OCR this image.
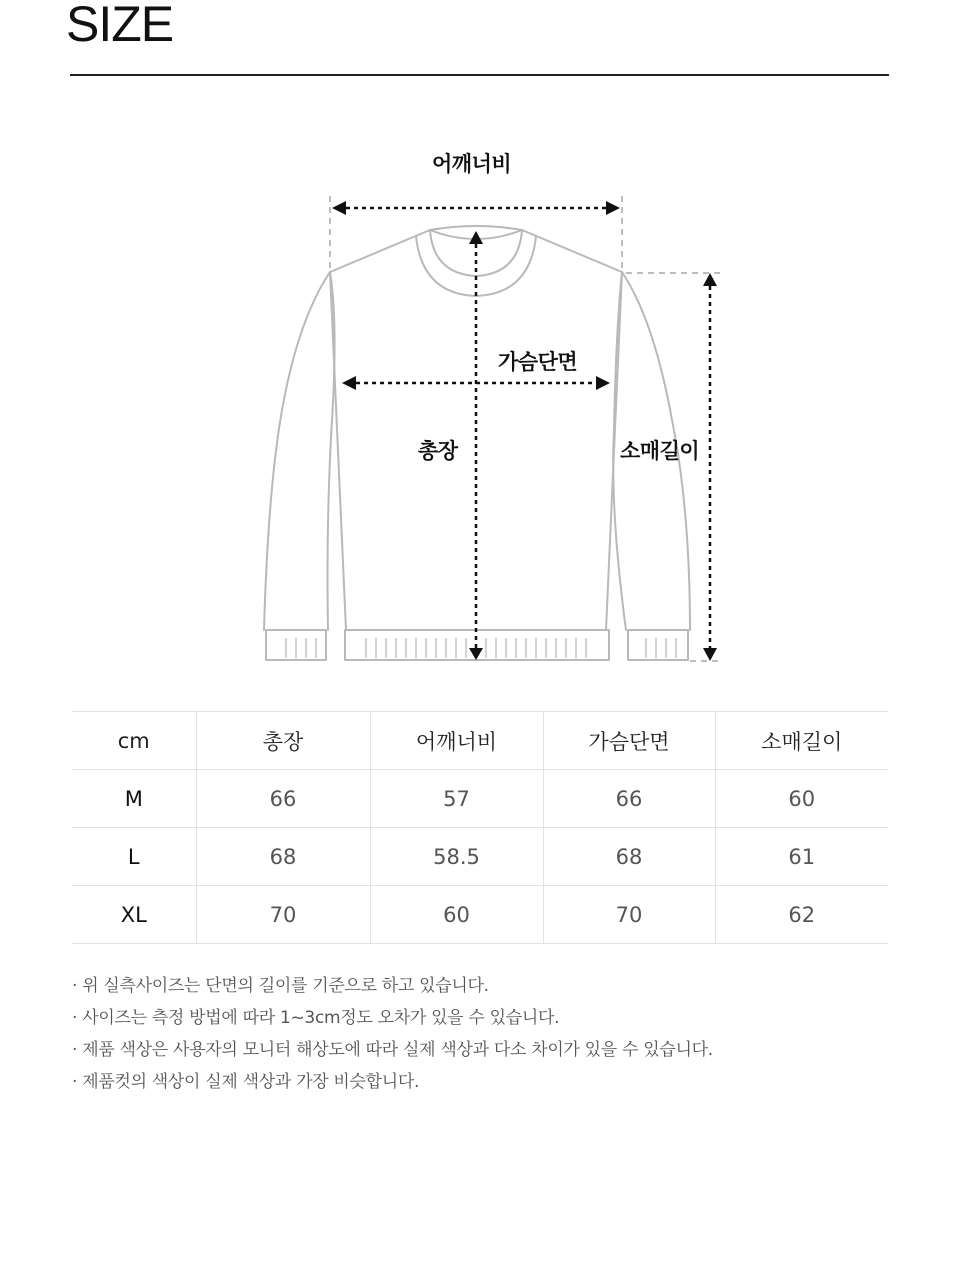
SIZE
어깨너비
가슴단면
총장	소매길이
cm	총장	어깨너비	가슴단면	소매길이
M	66	57	66	60
L	68	58.5	68	61
XL	70	60	70	62
· 위 실측사이즈는 단면의 길이를 기준으로 하고 있습니다.
· 사이즈는 측정 방법에 따라 1~3cm정도 오차가 있을 수 있습니다.
· 제품 색상은 사용자의 모니터 해상도에 따라 실제 색상과 다소 차이가 있을 수 있습니다.
· 제품컷의 색상이 실제 색상과 가장 비슷합니다.
